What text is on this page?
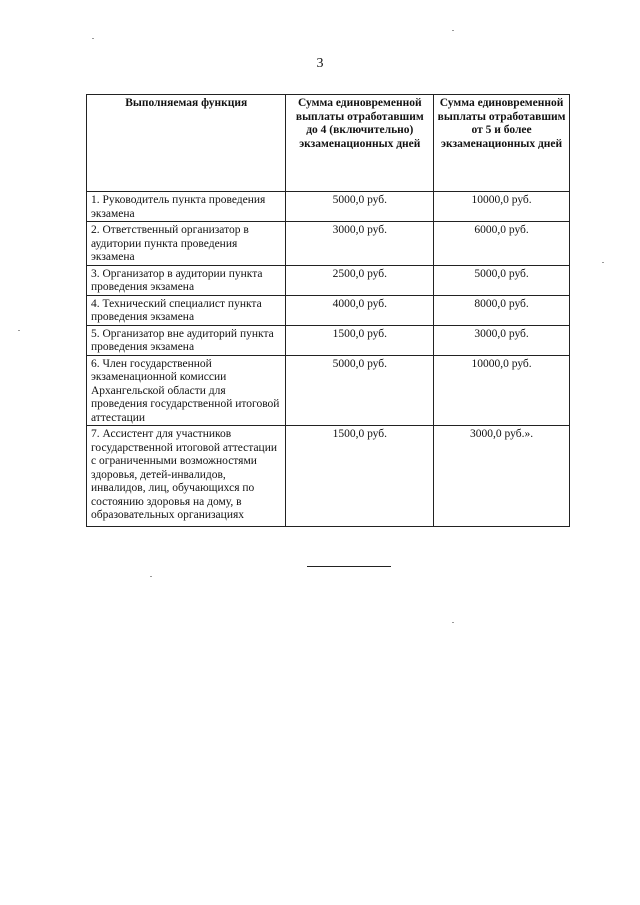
3
Выполняемая функция	Сумма единовременной выплаты отработавшим до 4 (включительно) экзаменационных дней	Сумма единовременной выплаты отработавшим от 5 и более экзаменационных дней
1. Руководитель пункта проведения экзамена	5000,0 руб.	10000,0 руб.
2. Ответственный организатор в аудитории пункта проведения экзамена	3000,0 руб.	6000,0 руб.
3. Организатор в аудитории пункта проведения экзамена	2500,0 руб.	5000,0 руб.
4. Технический специалист пункта проведения экзамена	4000,0 руб.	8000,0 руб.
5. Организатор вне аудиторий пункта проведения экзамена	1500,0 руб.	3000,0 руб.
6. Член государственной экзаменационной комиссии Архангельской области для проведения государственной итоговой аттестации	5000,0 руб.	10000,0 руб.
7. Ассистент для участников государственной итоговой аттестации с ограниченными возможностями здоровья, детей-инвалидов, инвалидов, лиц, обучающихся по состоянию здоровья на дому, в образовательных организациях	1500,0 руб.	3000,0 руб.».
